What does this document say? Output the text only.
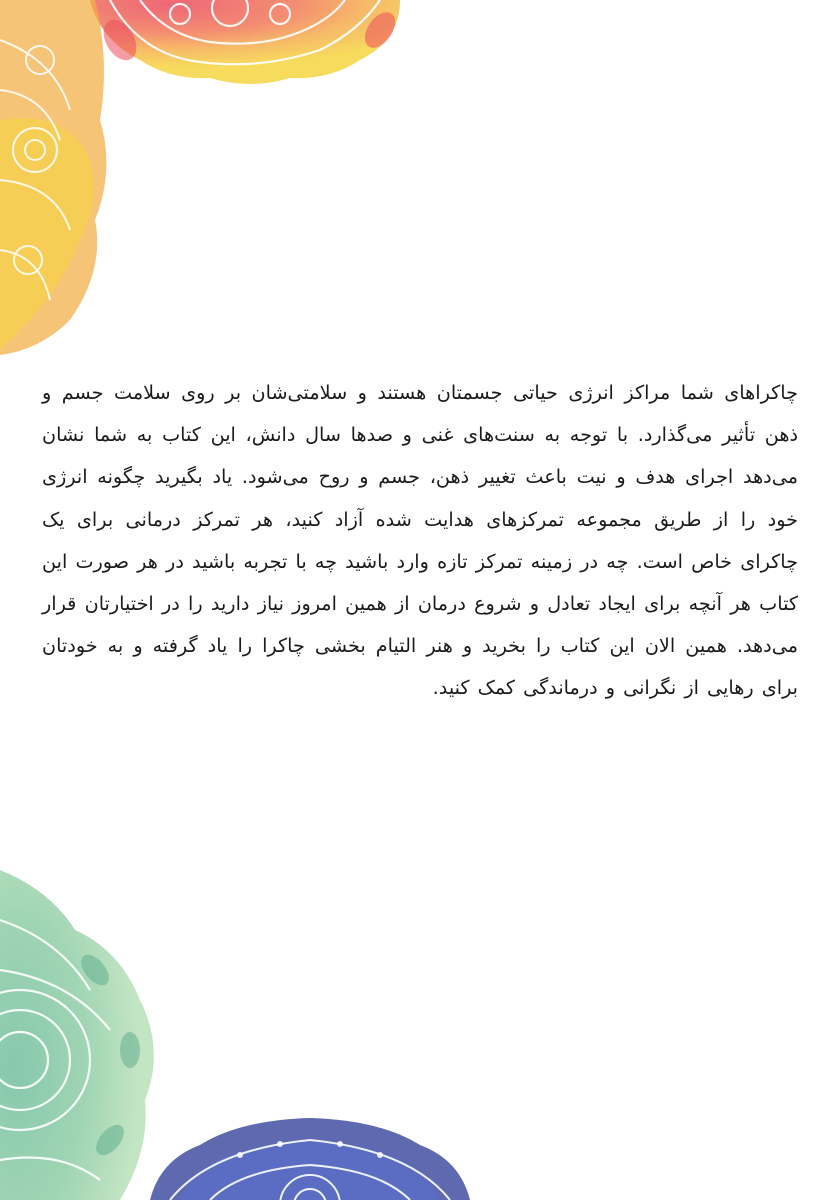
چاکراهای شما مراکز انرژی حیاتی جسمتان هستند و سلامتی‌شان بر روی سلامت جسم و ذهن تأثیر می‌گذارد. با توجه به سنت‌های غنی و صدها سال دانش، این کتاب به شما نشان می‌دهد اجرای هدف و نیت باعث تغییر ذهن، جسم و روح می‌شود. یاد بگیرید چگونه انرژی خود را از طریق مجموعه تمرکزهای هدایت شده آزاد کنید، هر تمرکز درمانی برای یک چاکرای خاص است. چه در زمینه تمرکز تازه وارد باشید چه با تجربه باشید در هر صورت این کتاب هر آنچه برای ایجاد تعادل و شروع درمان از همین امروز نیاز دارید را در اختیارتان قرار می‌دهد. همین الان این کتاب را بخرید و هنر التیام بخشی چاکرا را یاد گرفته و به خودتان برای رهایی از نگرانی و درماندگی کمک کنید.
